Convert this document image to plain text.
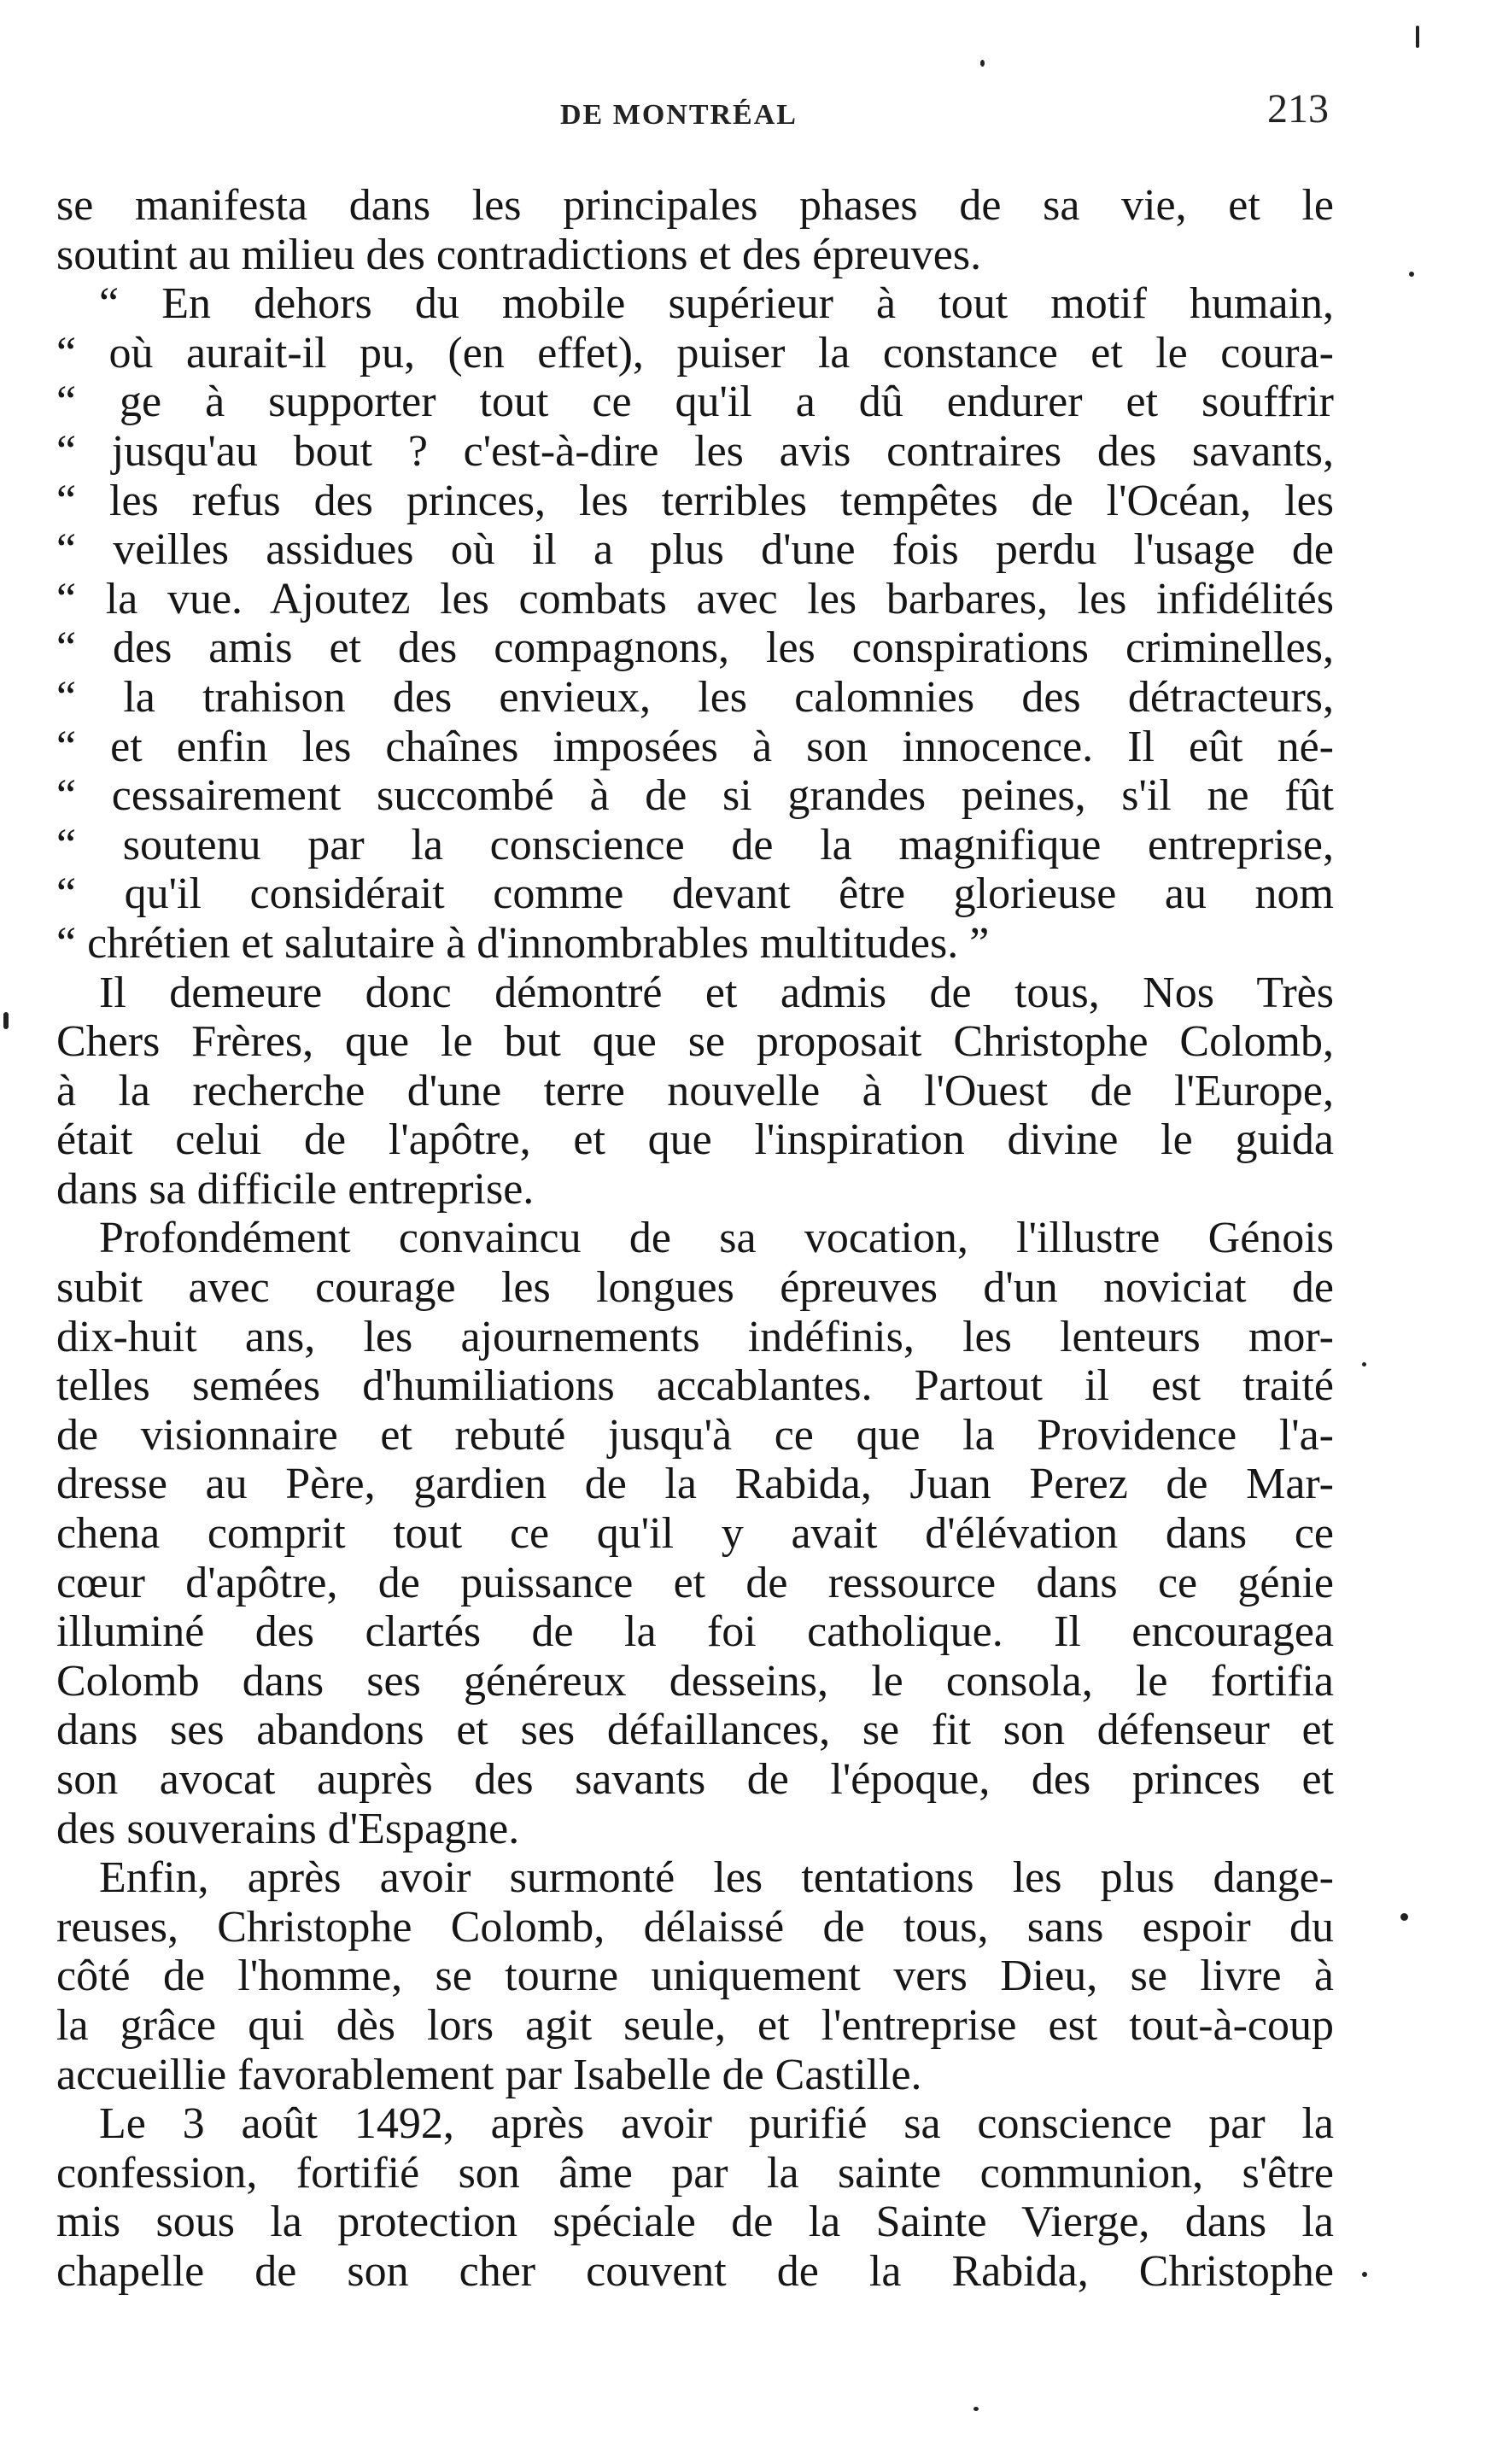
DE MONTRÉAL	213
se manifesta dans les principales phases de sa vie, et le
soutint au milieu des contradictions et des épreuves.
“ En dehors du mobile supérieur à tout motif humain,
“ où aurait-il pu, (en effet), puiser la constance et le coura-
“ ge à supporter tout ce qu'il a dû endurer et souffrir
“ jusqu'au bout ? c'est-à-dire les avis contraires des savants,
“ les refus des princes, les terribles tempêtes de l'Océan, les
“ veilles assidues où il a plus d'une fois perdu l'usage de
“ la vue. Ajoutez les combats avec les barbares, les infidélités
“ des amis et des compagnons, les conspirations criminelles,
“ la trahison des envieux, les calomnies des détracteurs,
“ et enfin les chaînes imposées à son innocence. Il eût né-
“ cessairement succombé à de si grandes peines, s'il ne fût
“ soutenu par la conscience de la magnifique entreprise,
“ qu'il considérait comme devant être glorieuse au nom
“ chrétien et salutaire à d'innombrables multitudes. ”
Il demeure donc démontré et admis de tous, Nos Très
Chers Frères, que le but que se proposait Christophe Colomb,
à la recherche d'une terre nouvelle à l'Ouest de l'Europe,
était celui de l'apôtre, et que l'inspiration divine le guida
dans sa difficile entreprise.
Profondément convaincu de sa vocation, l'illustre Génois
subit avec courage les longues épreuves d'un noviciat de
dix-huit ans, les ajournements indéfinis, les lenteurs mor-
telles semées d'humiliations accablantes. Partout il est traité
de visionnaire et rebuté jusqu'à ce que la Providence l'a-
dresse au Père, gardien de la Rabida, Juan Perez de Mar-
chena comprit tout ce qu'il y avait d'élévation dans ce
cœur d'apôtre, de puissance et de ressource dans ce génie
illuminé des clartés de la foi catholique. Il encouragea
Colomb dans ses généreux desseins, le consola, le fortifia
dans ses abandons et ses défaillances, se fit son défenseur et
son avocat auprès des savants de l'époque, des princes et
des souverains d'Espagne.
Enfin, après avoir surmonté les tentations les plus dange-
reuses, Christophe Colomb, délaissé de tous, sans espoir du
côté de l'homme, se tourne uniquement vers Dieu, se livre à
la grâce qui dès lors agit seule, et l'entreprise est tout-à-coup
accueillie favorablement par Isabelle de Castille.
Le 3 août 1492, après avoir purifié sa conscience par la
confession, fortifié son âme par la sainte communion, s'être
mis sous la protection spéciale de la Sainte Vierge, dans la
chapelle de son cher couvent de la Rabida, Christophe
